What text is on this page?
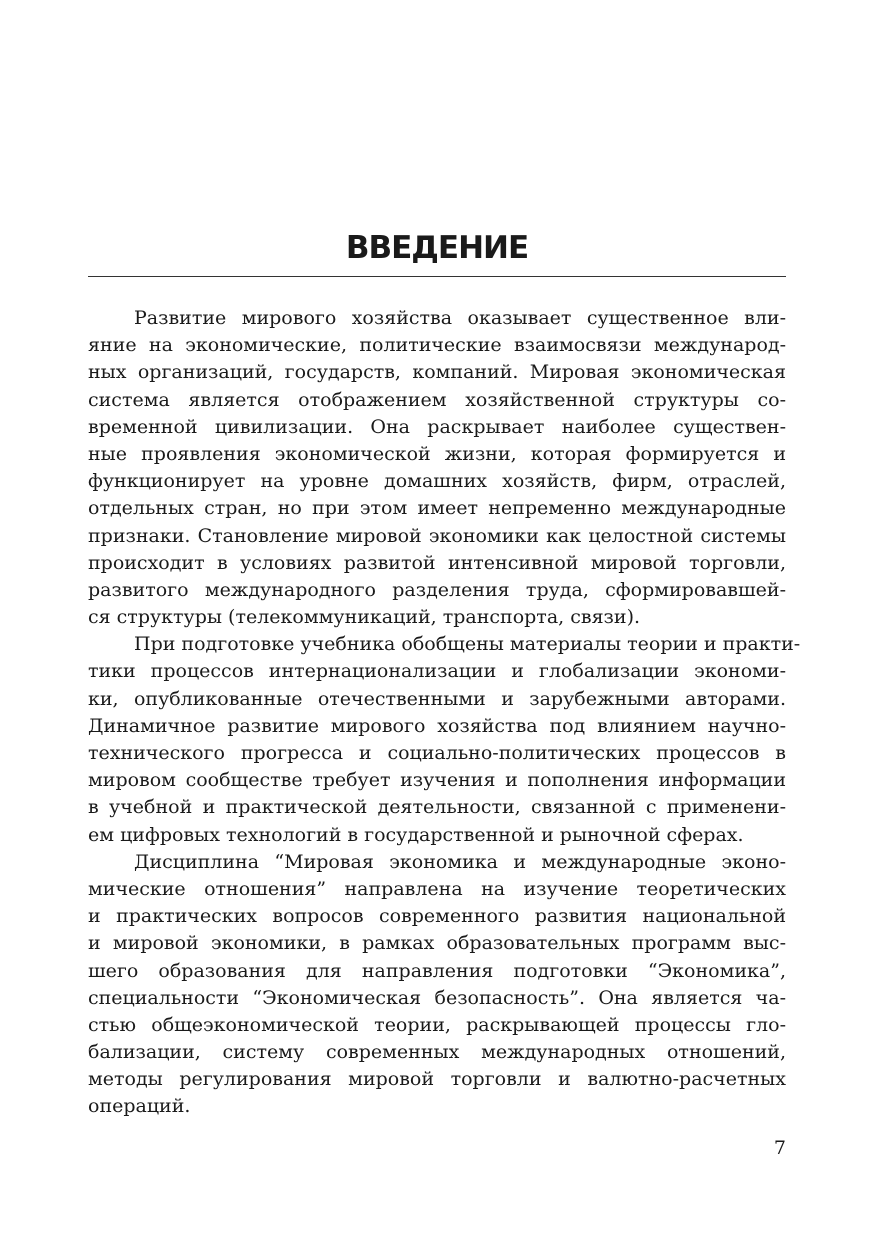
ВВЕДЕНИЕ
Развитие мирового хозяйства оказывает существенное вли-
яние на экономические, политические взаимосвязи международ-
ных организаций, государств, компаний. Мировая экономическая
система является отображением хозяйственной структуры со-
временной цивилизации. Она раскрывает наиболее существен-
ные проявления экономической жизни, которая формируется и
функционирует на уровне домашних хозяйств, фирм, отраслей,
отдельных стран, но при этом имеет непременно международные
признаки. Становление мировой экономики как целостной системы
происходит в условиях развитой интенсивной мировой торговли,
развитого международного разделения труда, сформировавшей-
ся структуры (телекоммуникаций, транспорта, связи).
При подготовке учебника обобщены материалы теории и практи-
тики процессов интернационализации и глобализации экономи-
ки, опубликованные отечественными и зарубежными авторами.
Динамичное развитие мирового хозяйства под влиянием научно-
технического прогресса и социально-политических процессов в
мировом сообществе требует изучения и пополнения информации
в учебной и практической деятельности, связанной с применени-
ем цифровых технологий в государственной и рыночной сферах.
Дисциплина “Мировая экономика и международные эконо-
мические отношения” направлена на изучение теоретических
и практических вопросов современного развития национальной
и мировой экономики, в рамках образовательных программ выс-
шего образования для направления подготовки “Экономика”,
специальности “Экономическая безопасность”. Она является ча-
стью общеэкономической теории, раскрывающей процессы гло-
бализации, систему современных международных отношений,
методы регулирования мировой торговли и валютно-расчетных
операций.
7
